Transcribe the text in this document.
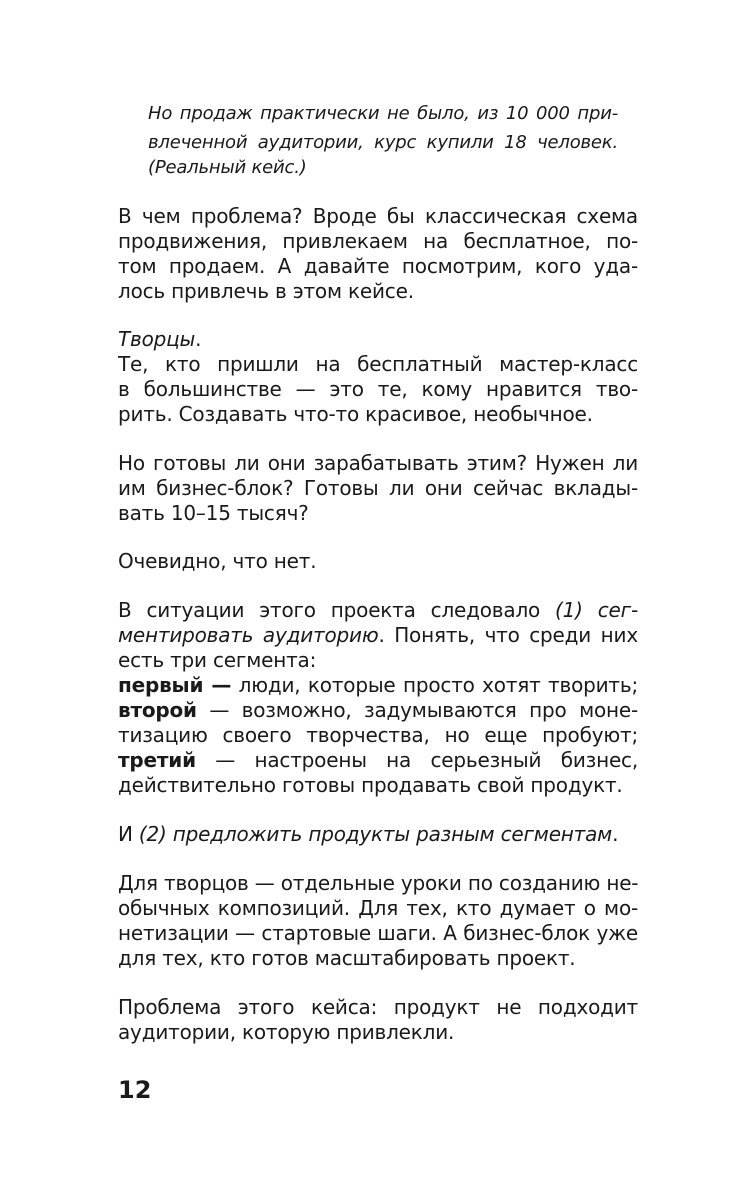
Но продаж практически не было, из 10 000 при-
влеченной аудитории, курс купили 18 человек.
(Реальный кейс.)
В чем проблема? Вроде бы классическая схема
продвижения, привлекаем на бесплатное, по-
том продаем. А давайте посмотрим, кого уда-
лось привлечь в этом кейсе.
Творцы.
Те, кто пришли на бесплатный мастер-класс
в большинстве — это те, кому нравится тво-
рить. Создавать что-то красивое, необычное.
Но готовы ли они зарабатывать этим? Нужен ли
им бизнес-блок? Готовы ли они сейчас вклады-
вать 10–15 тысяч?
Очевидно, что нет.
В ситуации этого проекта следовало (1) сег-
ментировать аудиторию. Понять, что среди них
есть три сегмента:
первый — люди, которые просто хотят творить;
второй — возможно, задумываются про моне-
тизацию своего творчества, но еще пробуют;
третий — настроены на серьезный бизнес,
действительно готовы продавать свой продукт.
И (2) предложить продукты разным сегментам.
Для творцов — отдельные уроки по созданию не-
обычных композиций. Для тех, кто думает о мо-
нетизации — стартовые шаги. А бизнес-блок уже
для тех, кто готов масштабировать проект.
Проблема этого кейса: продукт не подходит
аудитории, которую привлекли.
12
